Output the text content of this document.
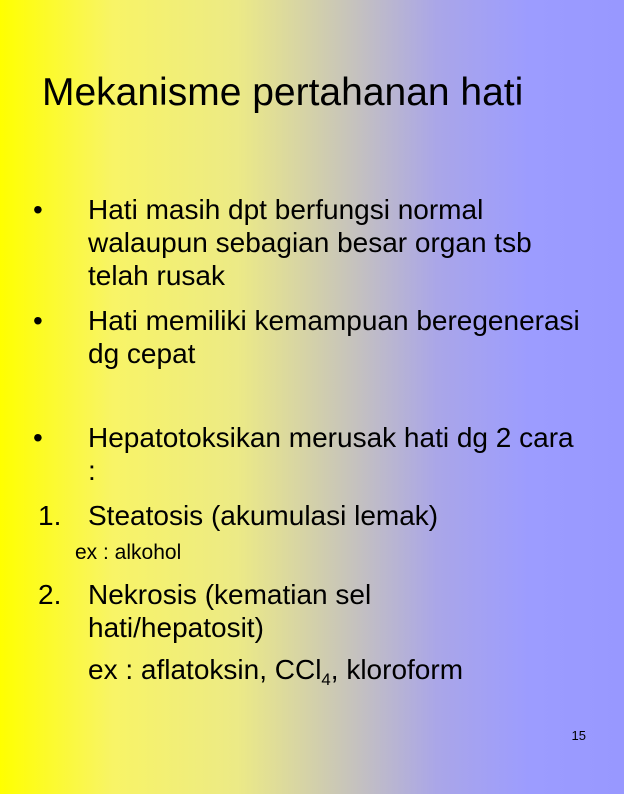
Mekanisme pertahanan hati
• Hati masih dpt berfungsi normal walaupun sebagian besar organ tsb telah rusak
• Hati memiliki kemampuan beregenerasi dg cepat
• Hepatotoksikan merusak hati dg 2 cara :
1. Steatosis (akumulasi lemak)
ex : alkohol
2. Nekrosis (kematian sel hati/hepatosit)
ex : aflatoksin, CCl$_4$, kloroform
15
